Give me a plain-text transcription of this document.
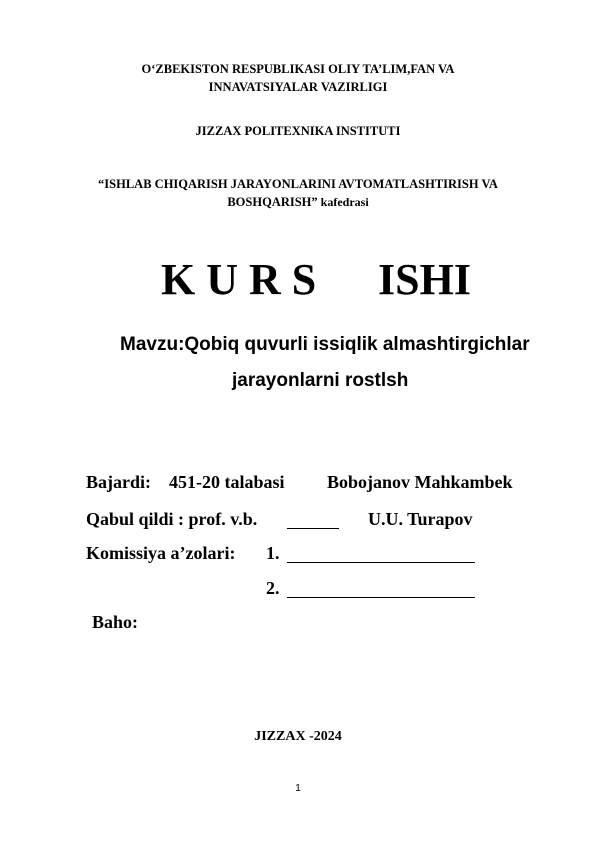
O‘ZBEKISTON RESPUBLIKASI OLIY TA’LIM,FAN VA
INNAVATSIYALAR VAZIRLIGI
JIZZAX POLITEXNIKA INSTITUTI
“ISHLAB CHIQARISH JARAYONLARINI AVTOMATLASHTIRISH VA
BOSHQARISH” kafedrasi
K U R S ISHI
Mavzu:Qobiq quvurli issiqlik almashtirgichlar
jarayonlarni rostlsh
Bajardi: 451-20 talabasi Bobojanov Mahkambek
Qabul qildi : prof. v.b.	U.U. Turapov
Komissiya a’zolari: 1.
2.
Baho:
JIZZAX -2024
1
